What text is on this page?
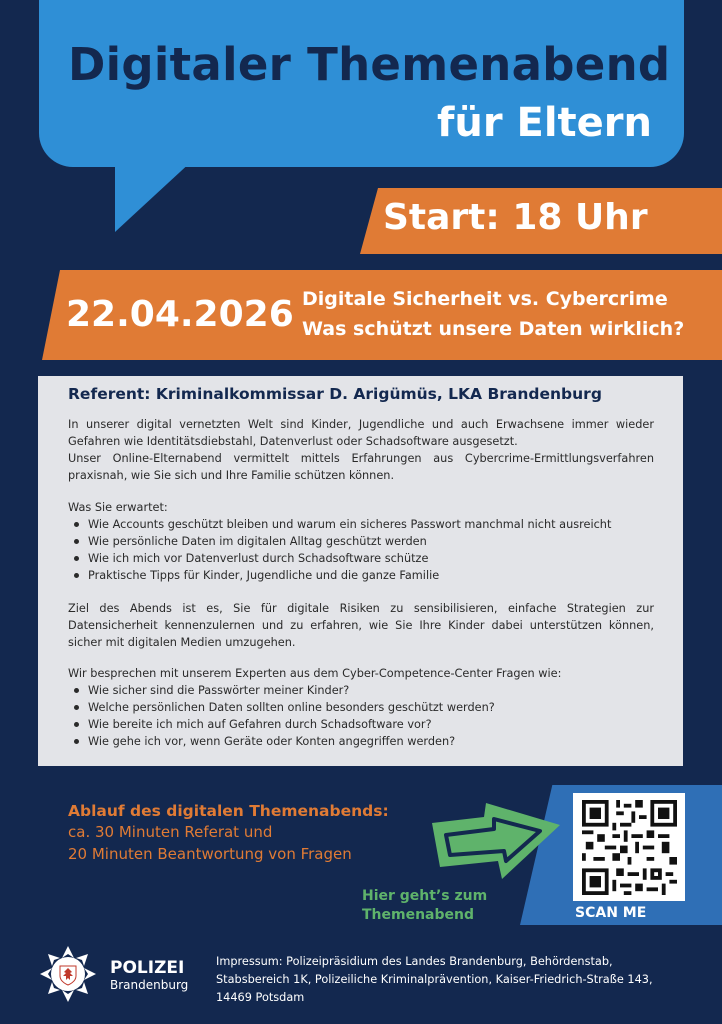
Digitaler Themenabend
für Eltern
Start: 18 Uhr
22.04.2026 Digitale Sicherheit vs. Cybercrime
Was schützt unsere Daten wirklich?
Referent: Kriminalkommissar D. Arigümüs, LKA Brandenburg
In unserer digital vernetzten Welt sind Kinder, Jugendliche und auch Erwachsene immer wieder Gefahren wie Identitätsdiebstahl, Datenverlust oder Schadsoftware ausgesetzt.
Unser Online-Elternabend vermittelt mittels Erfahrungen aus Cybercrime-Ermittlungsverfahren praxisnah, wie Sie sich und Ihre Familie schützen können.
Was Sie erwartet:
Wie Accounts geschützt bleiben und warum ein sicheres Passwort manchmal nicht ausreicht
Wie persönliche Daten im digitalen Alltag geschützt werden
Wie ich mich vor Datenverlust durch Schadsoftware schütze
Praktische Tipps für Kinder, Jugendliche und die ganze Familie
Ziel des Abends ist es, Sie für digitale Risiken zu sensibilisieren, einfache Strategien zur Datensicherheit kennenzulernen und zu erfahren, wie Sie Ihre Kinder dabei unterstützen können, sicher mit digitalen Medien umzugehen.
Wir besprechen mit unserem Experten aus dem Cyber-Competence-Center Fragen wie:
Wie sicher sind die Passwörter meiner Kinder?
Welche persönlichen Daten sollten online besonders geschützt werden?
Wie bereite ich mich auf Gefahren durch Schadsoftware vor?
Wie gehe ich vor, wenn Geräte oder Konten angegriffen werden?
Ablauf des digitalen Themenabends:
ca. 30 Minuten Referat und
20 Minuten Beantwortung von Fragen
SCAN ME
Hier geht’s zum
Themenabend
POLIZEI
Brandenburg
Impressum: Polizeipräsidium des Landes Brandenburg, Behördenstab,
Stabsbereich 1K, Polizeiliche Kriminalprävention, Kaiser-Friedrich-Straße 143,
14469 Potsdam
